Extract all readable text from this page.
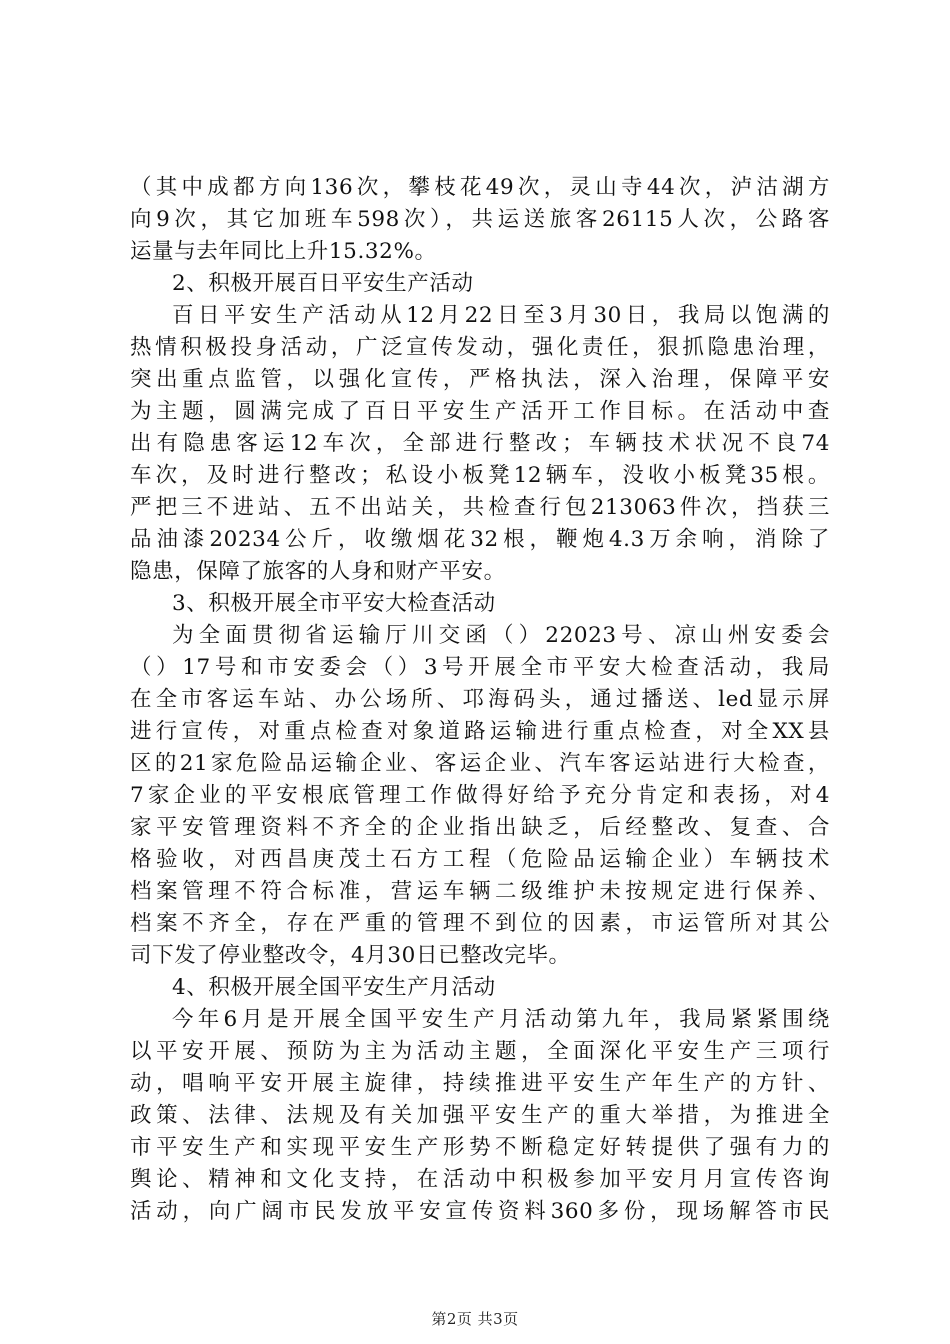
（其中成都方向136次，攀枝花49次，灵山寺44次，泸沽湖方
向9次，其它加班车598次），共运送旅客26115人次，公路客
运量与去年同比上升15.32%。
2、积极开展百日平安生产活动
百日平安生产活动从12月22日至3月30日，我局以饱满的
热情积极投身活动，广泛宣传发动，强化责任，狠抓隐患治理，
突出重点监管，以强化宣传，严格执法，深入治理，保障平安
为主题，圆满完成了百日平安生产活开工作目标。在活动中查
出有隐患客运12车次，全部进行整改；车辆技术状况不良74
车次，及时进行整改；私设小板凳12辆车，没收小板凳35根。
严把三不进站、五不出站关，共检查行包213063件次，挡获三
品油漆20234公斤，收缴烟花32根，鞭炮4.3万余响，消除了
隐患，保障了旅客的人身和财产平安。
3、积极开展全市平安大检查活动
为全面贯彻省运输厅川交函（）22023号、凉山州安委会
（）17号和市安委会（）3号开展全市平安大检查活动，我局
在全市客运车站、办公场所、邛海码头，通过播送、led显示屏
进行宣传，对重点检查对象道路运输进行重点检查，对全XX县
区的21家危险品运输企业、客运企业、汽车客运站进行大检查，
7家企业的平安根底管理工作做得好给予充分肯定和表扬，对4
家平安管理资料不齐全的企业指出缺乏，后经整改、复查、合
格验收，对西昌庚茂土石方工程（危险品运输企业）车辆技术
档案管理不符合标准，营运车辆二级维护未按规定进行保养、
档案不齐全，存在严重的管理不到位的因素，市运管所对其公
司下发了停业整改令，4月30日已整改完毕。
4、积极开展全国平安生产月活动
今年6月是开展全国平安生产月活动第九年，我局紧紧围绕
以平安开展、预防为主为活动主题，全面深化平安生产三项行
动，唱响平安开展主旋律，持续推进平安生产年生产的方针、
政策、法律、法规及有关加强平安生产的重大举措，为推进全
市平安生产和实现平安生产形势不断稳定好转提供了强有力的
舆论、精神和文化支持，在活动中积极参加平安月月宣传咨询
活动，向广阔市民发放平安宣传资料360多份，现场解答市民
第2页 共3页
